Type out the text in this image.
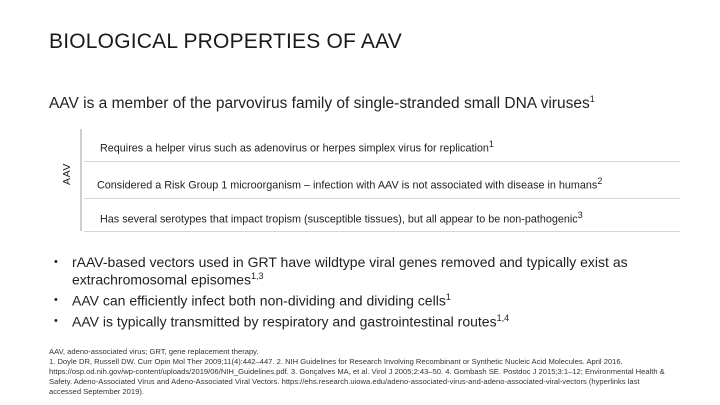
BIOLOGICAL PROPERTIES OF AAV
AAV is a member of the parvovirus family of single-stranded small DNA viruses$^1$
AAV
Requires a helper virus such as adenovirus or herpes simplex virus for replication$^1$
Considered a Risk Group 1 microorganism – infection with AAV is not associated with disease in humans$^2$
Has several serotypes that impact tropism (susceptible tissues), but all appear to be non-pathogenic$^3$
•	rAAV-based vectors used in GRT have wildtype viral genes removed and typically exist as extrachromosomal episomes$^{1,3}$
•	AAV can efficiently infect both non-dividing and dividing cells$^1$
•	AAV is typically transmitted by respiratory and gastrointestinal routes$^{1,4}$
AAV, adeno-associated virus; GRT, gene replacement therapy.
1. Doyle DR, Russell DW. Curr Opin Mol Ther 2009;11(4):442–447. 2. NIH Guidelines for Research Involving Recombinant or Synthetic Nucleic Acid Molecules. April 2016. https://osp.od.nih.gov/wp-content/uploads/2019/06/NIH_Guidelines.pdf. 3. Gonçalves MA, et al. Virol J 2005;2:43–50. 4. Gombash SE. Postdoc J 2015;3:1–12; Environmental Health & Safety. Adeno-Associated Virus and Adeno-Associated Viral Vectors. https://ehs.research.uiowa.edu/adeno-associated-virus-and-adeno-associated-viral-vectors (hyperlinks last accessed September 2019).
